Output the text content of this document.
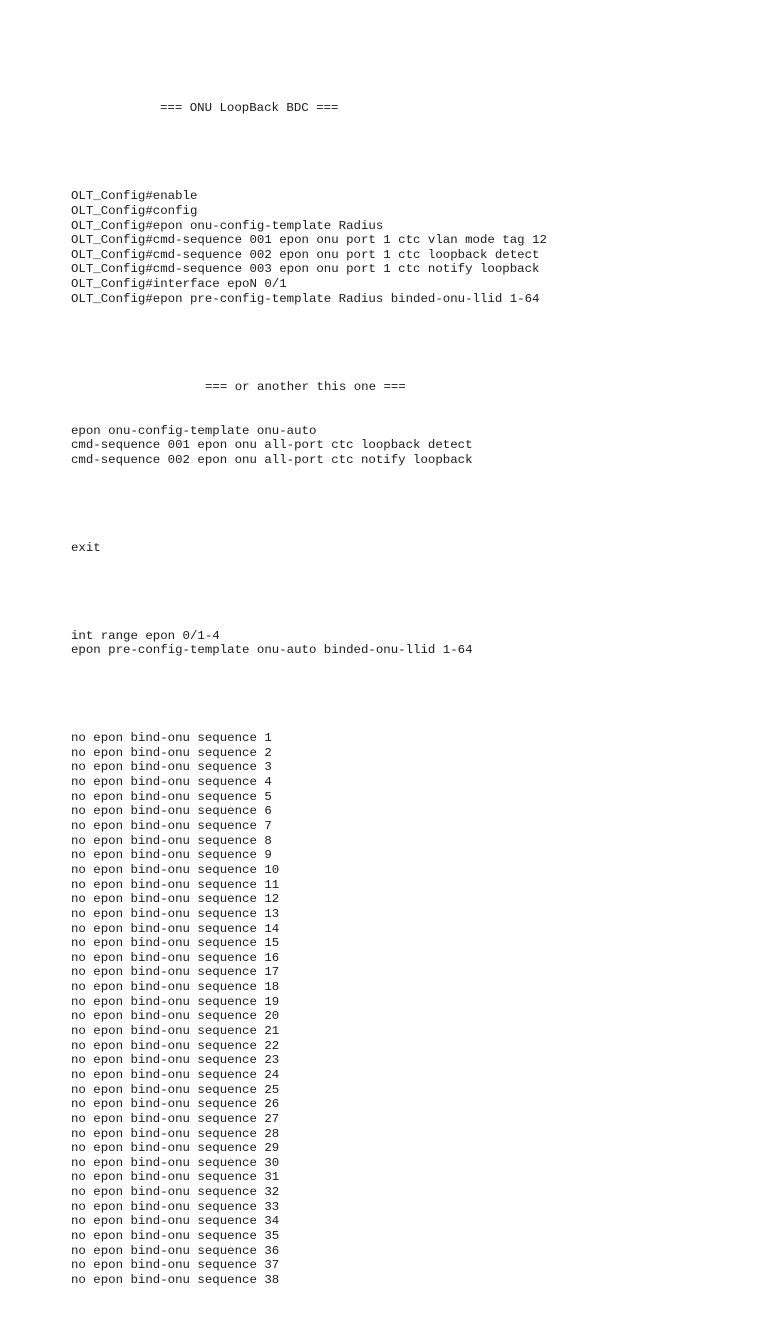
=== ONU LoopBack BDC ===

OLT_Config#enable
OLT_Config#config
OLT_Config#epon onu-config-template Radius
OLT_Config#cmd-sequence 001 epon onu port 1 ctc vlan mode tag 12
OLT_Config#cmd-sequence 002 epon onu port 1 ctc loopback detect
OLT_Config#cmd-sequence 003 epon onu port 1 ctc notify loopback
OLT_Config#interface epoN 0/1
OLT_Config#epon pre-config-template Radius binded-onu-llid 1-64

=== or another this one ===

epon onu-config-template onu-auto
cmd-sequence 001 epon onu all-port ctc loopback detect
cmd-sequence 002 epon onu all-port ctc notify loopback

exit

int range epon 0/1-4
epon pre-config-template onu-auto binded-onu-llid 1-64

no epon bind-onu sequence 1
no epon bind-onu sequence 2
no epon bind-onu sequence 3
no epon bind-onu sequence 4
no epon bind-onu sequence 5
no epon bind-onu sequence 6
no epon bind-onu sequence 7
no epon bind-onu sequence 8
no epon bind-onu sequence 9
no epon bind-onu sequence 10
no epon bind-onu sequence 11
no epon bind-onu sequence 12
no epon bind-onu sequence 13
no epon bind-onu sequence 14
no epon bind-onu sequence 15
no epon bind-onu sequence 16
no epon bind-onu sequence 17
no epon bind-onu sequence 18
no epon bind-onu sequence 19
no epon bind-onu sequence 20
no epon bind-onu sequence 21
no epon bind-onu sequence 22
no epon bind-onu sequence 23
no epon bind-onu sequence 24
no epon bind-onu sequence 25
no epon bind-onu sequence 26
no epon bind-onu sequence 27
no epon bind-onu sequence 28
no epon bind-onu sequence 29
no epon bind-onu sequence 30
no epon bind-onu sequence 31
no epon bind-onu sequence 32
no epon bind-onu sequence 33
no epon bind-onu sequence 34
no epon bind-onu sequence 35
no epon bind-onu sequence 36
no epon bind-onu sequence 37
no epon bind-onu sequence 38
